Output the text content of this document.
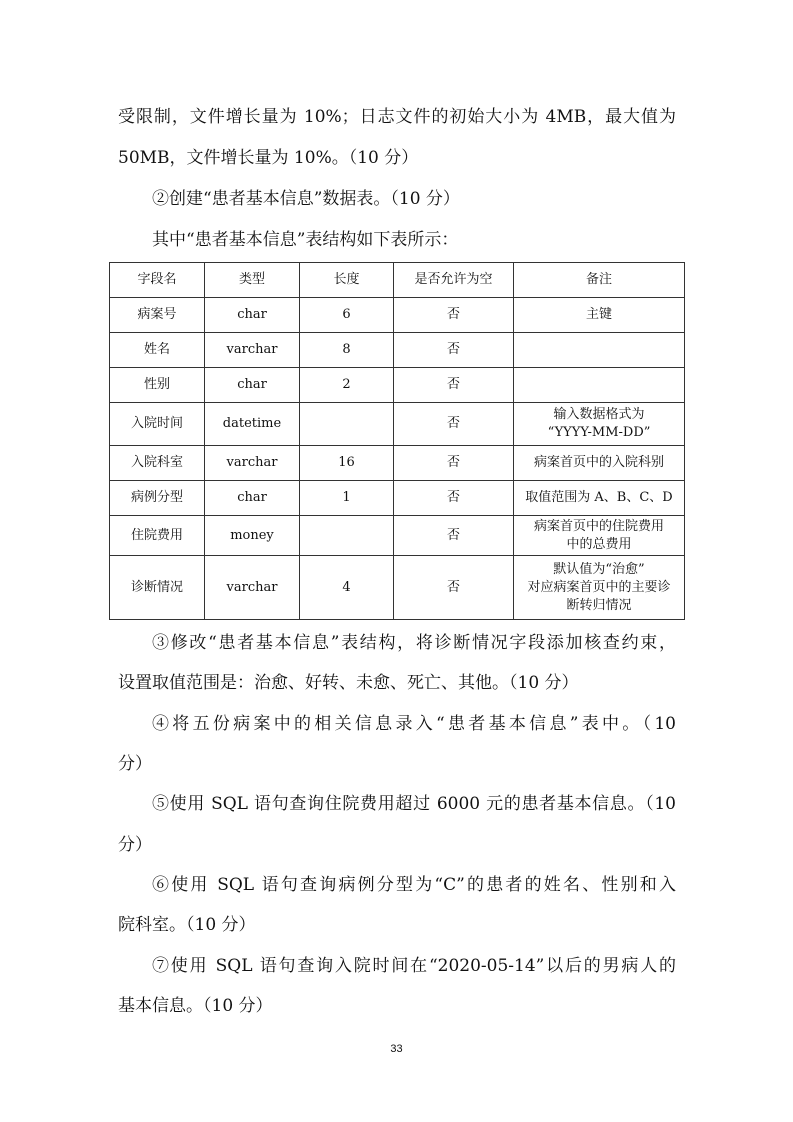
受限制，文件增长量为 10%；日志文件的初始大小为 4MB，最大值为
50MB，文件增长量为 10%。（10 分）
②创建“患者基本信息”数据表。（10 分）
其中“患者基本信息”表结构如下表所示：
字段名	类型	长度	是否允许为空	备注
病案号	char	6	否	主键

姓名	varchar	8	否	
性别	char	2	否	
入院时间	datetime		否	输入数据格式为
“YYYY-MM-DD”

入院科室	varchar	16	否	病案首页中的入院科别

病例分型	char	1	否	取值范围为 A、B、C、D

住院费用	money		否	病案首页中的住院费用
中的总费用

诊断情况	varchar	4	否	默认值为“治愈”
对应病案首页中的主要诊
断转归情况
③修改“患者基本信息”表结构，将诊断情况字段添加核查约束，
设置取值范围是：治愈、好转、未愈、死亡、其他。（10 分）
④将五份病案中的相关信息录入“患者基本信息”表中。（10
分）
⑤使用 SQL 语句查询住院费用超过 6000 元的患者基本信息。（10
分）
⑥使用 SQL 语句查询病例分型为“C”的患者的姓名、性别和入
院科室。（10 分）
⑦使用 SQL 语句查询入院时间在“2020-05-14”以后的男病人的
基本信息。（10 分）
33
